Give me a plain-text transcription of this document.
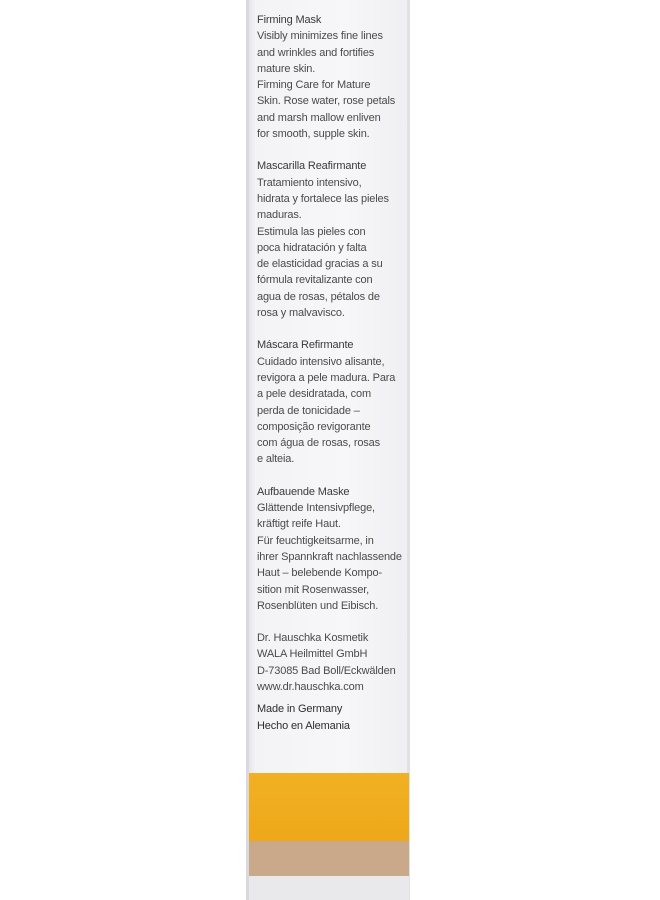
Firming Mask
Visibly minimizes fine lines
and wrinkles and fortifies
mature skin.
Firming Care for Mature
Skin. Rose water, rose petals
and marsh mallow enliven
for smooth, supple skin.
Mascarilla Reafirmante
Tratamiento intensivo,
hidrata y fortalece las pieles
maduras.
Estimula las pieles con
poca hidratación y falta
de elasticidad gracias a su
fórmula revitalizante con
agua de rosas, pétalos de
rosa y malvavisco.
Máscara Refirmante
Cuidado intensivo alisante,
revigora a pele madura. Para
a pele desidratada, com
perda de tonicidade –
composição revigorante
com água de rosas, rosas
e alteia.
Aufbauende Maske
Glättende Intensivpflege,
kräftigt reife Haut.
Für feuchtigkeitsarme, in
ihrer Spannkraft nachlassende
Haut – belebende Kompo-
sition mit Rosenwasser,
Rosenblüten und Eibisch.
Dr. Hauschka Kosmetik
WALA Heilmittel GmbH
D-73085 Bad Boll/Eckwälden
www.dr.hauschka.com
Made in Germany
Hecho en Alemania
